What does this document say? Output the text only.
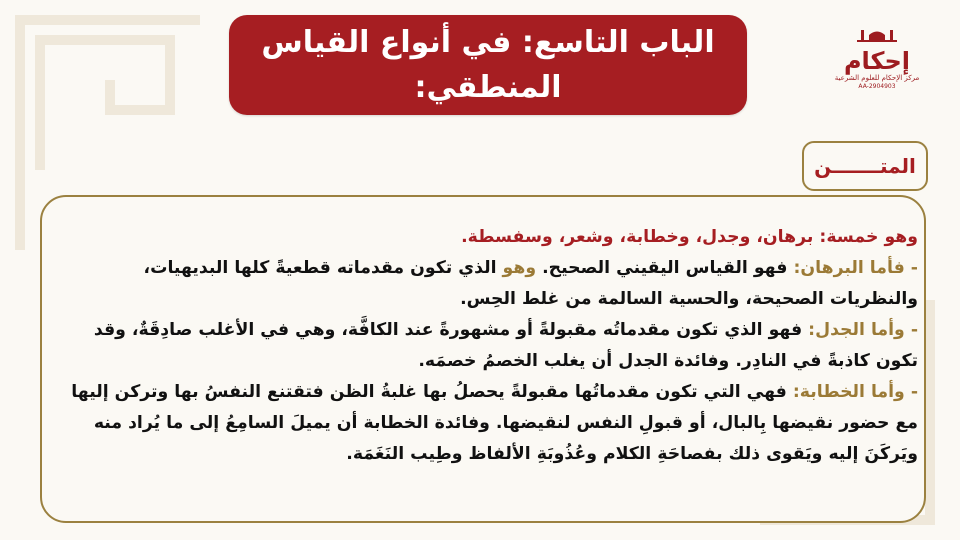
إحكام
مركز الإحكام للعلوم الشرعية
AA-2904903
الباب التاسع: في أنواع القياس
المنطقي:
المتـــــــن

وهو خمسة: برهان، وجدل، وخطابة، وشعر، وسفسطة.

- فأما البرهان: فهو القياس اليقيني الصحيح. وهو الذي تكون مقدماته قطعيةً كلها البديهيات، والنظريات الصحيحة، والحسية السالمة من غلط الحِس.

- وأما الجدل: فهو الذي تكون مقدماتُه مقبولةً أو مشهورةً عند الكافَّة، وهي في الأغلب صادِقَةٌ، وقد تكون كاذبةً في النادِر. وفائدة الجدل أن يغلب الخصمُ خصمَه.

- وأما الخطابة: فهي التي تكون مقدماتُها مقبولةً يحصلُ بها غلبةُ الظن فتقتنع النفسُ بها وتركن إليها مع حضور نقيضها بِالبال، أو قبولِ النفس لنقيضها. وفائدة الخطابة أن يميلَ السامِعُ إلى ما يُراد منه ويَركَنَ إليه ويَقوى ذلك بفصاحَةِ الكلام وعُذُوبَةِ الألفاظ وطِيب النَغَمَة.
